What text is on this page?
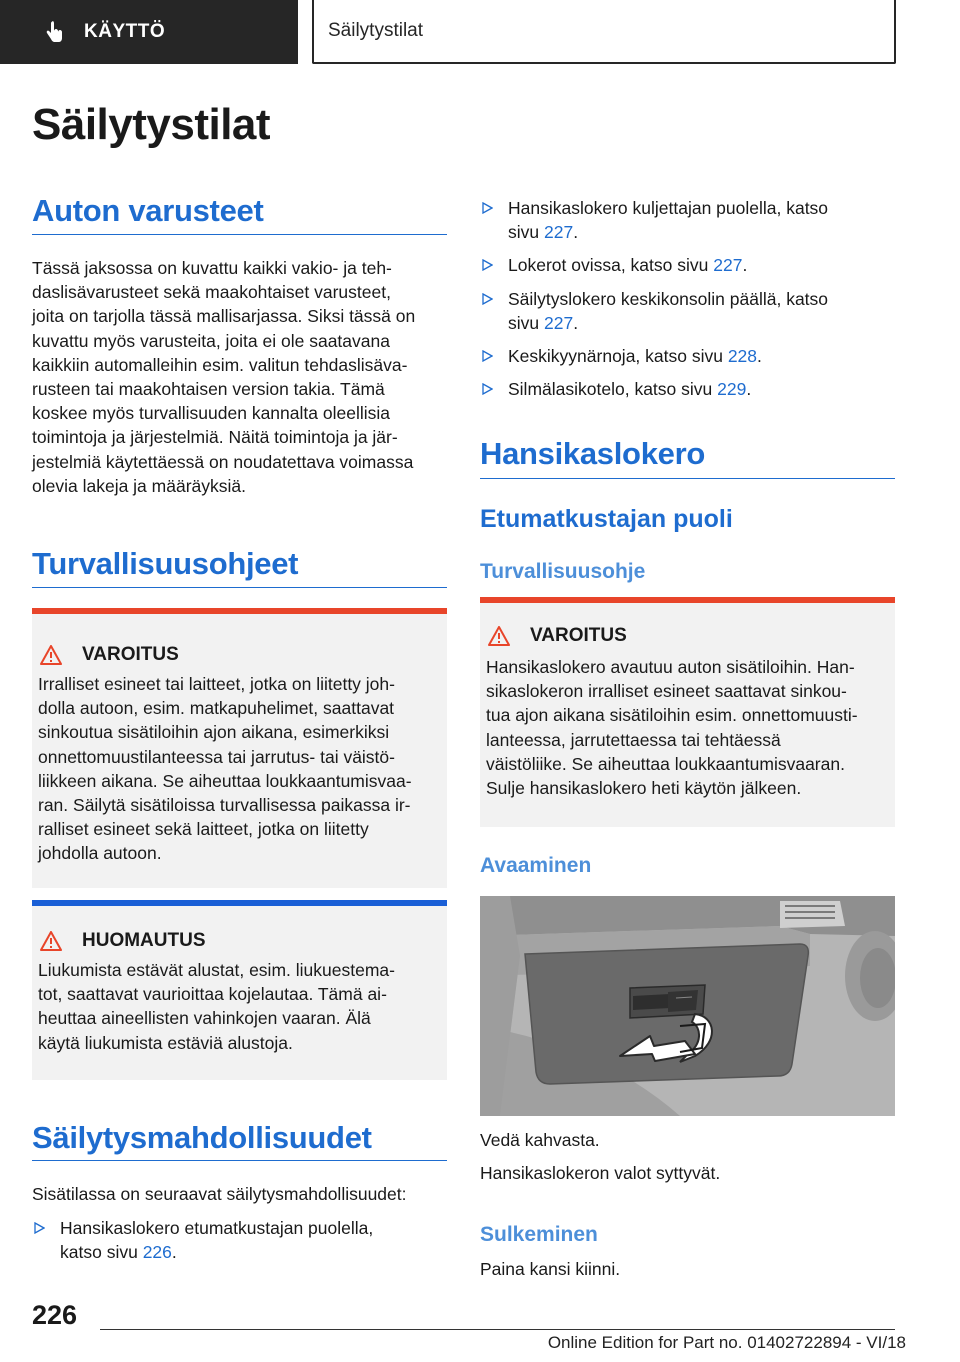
KÄYTTÖ	Säilytystilat
Säilytystilat
Auton varusteet
Tässä jaksossa on kuvattu kaikki vakio- ja teh-
daslisävarusteet sekä maakohtaiset varusteet,
joita on tarjolla tässä mallisarjassa. Siksi tässä on
kuvattu myös varusteita, joita ei ole saatavana
kaikkiin automalleihin esim. valitun tehdaslisäva-
rusteen tai maakohtaisen version takia. Tämä
koskee myös turvallisuuden kannalta oleellisia
toimintoja ja järjestelmiä. Näitä toimintoja ja jär-
jestelmiä käytettäessä on noudatettava voimassa
olevia lakeja ja määräyksiä.
Turvallisuusohjeet
VAROITUS
Irralliset esineet tai laitteet, jotka on liitetty joh-
dolla autoon, esim. matkapuhelimet, saattavat
sinkoutua sisätiloihin ajon aikana, esimerkiksi
onnettomuustilanteessa tai jarrutus- tai väistö-
liikkeen aikana. Se aiheuttaa loukkaantumisvaa-
ran. Säilytä sisätiloissa turvallisessa paikassa ir-
ralliset esineet sekä laitteet, jotka on liitetty
johdolla autoon.
HUOMAUTUS
Liukumista estävät alustat, esim. liukuestema-
tot, saattavat vaurioittaa kojelautaa. Tämä ai-
heuttaa aineellisten vahinkojen vaaran. Älä
käytä liukumista estäviä alustoja.
Säilytysmahdollisuudet
Sisätilassa on seuraavat säilytysmahdollisuudet:
Hansikaslokero etumatkustajan puolella,
katso sivu 226.
Hansikaslokero kuljettajan puolella, katso
sivu 227.
Lokerot ovissa, katso sivu 227.
Säilytyslokero keskikonsolin päällä, katso
sivu 227.
Keskikyynärnoja, katso sivu 228.
Silmälasikotelo, katso sivu 229.
Hansikaslokero
Etumatkustajan puoli
Turvallisuusohje
VAROITUS
Hansikaslokero avautuu auton sisätiloihin. Han-
sikaslokeron irralliset esineet saattavat sinkou-
tua ajon aikana sisätiloihin esim. onnettomuusti-
lanteessa, jarrutettaessa tai tehtäessä
väistöliike. Se aiheuttaa loukkaantumisvaaran.
Sulje hansikaslokero heti käytön jälkeen.
Avaaminen
Vedä kahvasta.
Hansikaslokeron valot syttyvät.
Sulkeminen
Paina kansi kiinni.
226
Online Edition for Part no. 01402722894 - VI/18
